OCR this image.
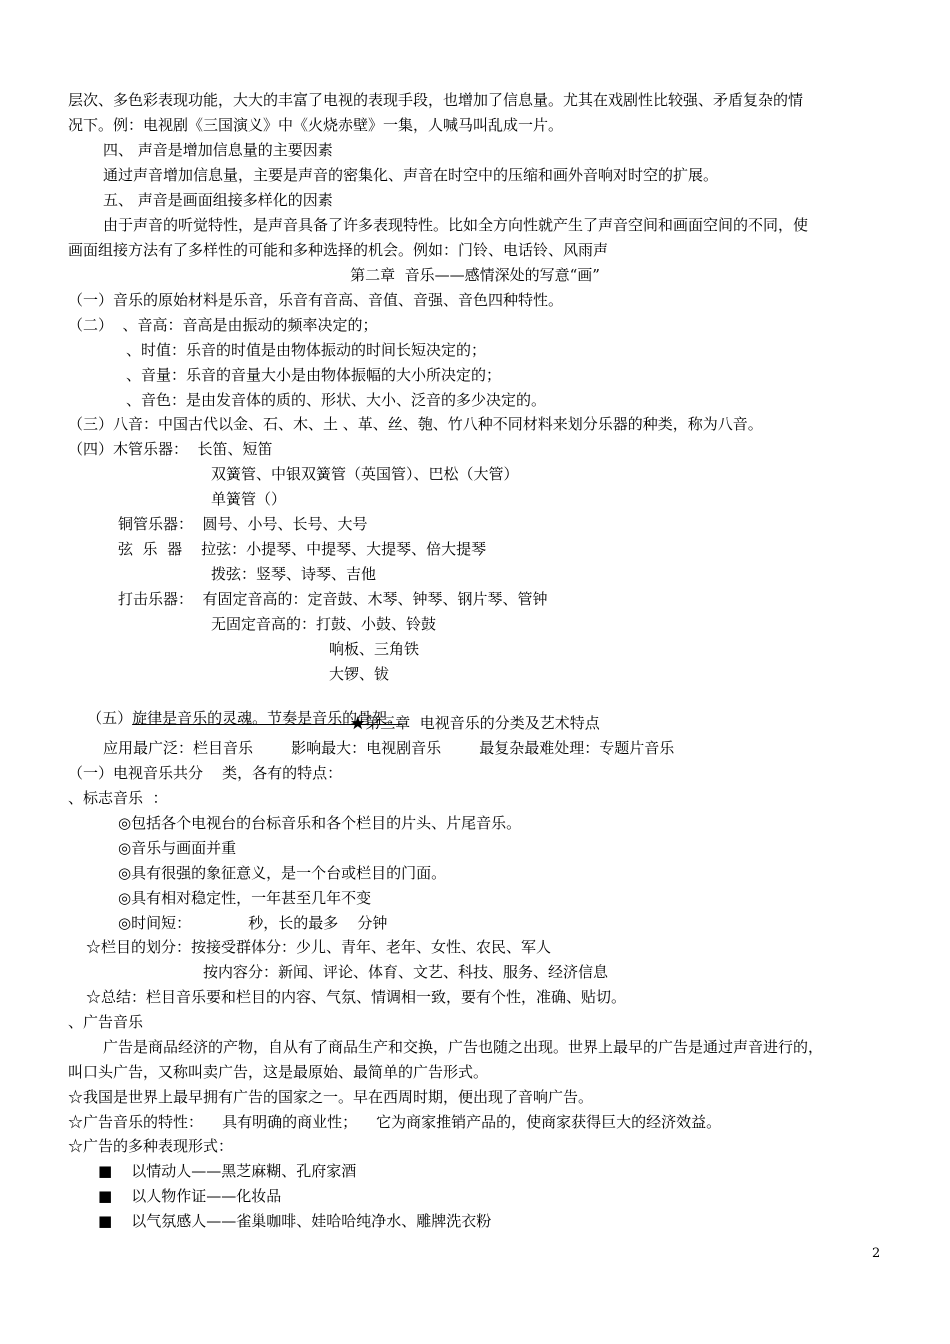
层次、多色彩表现功能，大大的丰富了电视的表现手段，也增加了信息量。尤其在戏剧性比较强、矛盾复杂的情
况下。例：电视剧《三国演义》中《火烧赤壁》一集，人喊马叫乱成一片。
四、 声音是增加信息量的主要因素
通过声音增加信息量，主要是声音的密集化、声音在时空中的压缩和画外音响对时空的扩展。
五、 声音是画面组接多样化的因素
由于声音的听觉特性，是声音具备了许多表现特性。比如全方向性就产生了声音空间和画面空间的不同，使
画面组接方法有了多样性的可能和多种选择的机会。例如：门铃、电话铃、风雨声
第二章  音乐——感情深处的写意“画”
（一）音乐的原始材料是乐音，乐音有音高、音值、音强、音色四种特性。
（二）  、音高：音高是由振动的频率决定的；
、时值：乐音的时值是由物体振动的时间长短决定的；
、音量：乐音的音量大小是由物体振幅的大小所决定的；
、音色：是由发音体的质的、形状、大小、泛音的多少决定的。
（三）八音：中国古代以金、石、木、土 、革、丝、匏、竹八种不同材料来划分乐器的种类，称为八音。
（四）木管乐器：  长笛、短笛
双簧管、中银双簧管（英国管）、巴松（大管）
单簧管（）
铜管乐器：  圆号、小号、长号、大号
弦  乐  器    拉弦：小提琴、中提琴、大提琴、倍大提琴
拨弦：竖琴、诗琴、吉他
打击乐器：  有固定音高的：定音鼓、木琴、钟琴、钢片琴、管钟
无固定音高的：打鼓、小鼓、铃鼓
响板、三角铁
大锣、钹

（五）旋律是音乐的灵魂。节奏是音乐的骨架。

★第三章  电视音乐的分类及艺术特点
应用最广泛：栏目音乐        影响最大：电视剧音乐        最复杂最难处理：专题片音乐
（一）电视音乐共分    类，各有的特点：
、标志音乐  ：
◎包括各个电视台的台标音乐和各个栏目的片头、片尾音乐。
◎音乐与画面并重
◎具有很强的象征意义，是一个台或栏目的门面。
◎具有相对稳定性，一年甚至几年不变
◎时间短：            秒，长的最多    分钟
☆栏目的划分：按接受群体分：少儿、青年、老年、女性、农民、军人
按内容分：新闻、评论、体育、文艺、科技、服务、经济信息
☆总结：栏目音乐要和栏目的内容、气氛、情调相一致，要有个性，准确、贴切。
、广告音乐
广告是商品经济的产物，自从有了商品生产和交换，广告也随之出现。世界上最早的广告是通过声音进行的，
叫口头广告，又称叫卖广告，这是最原始、最简单的广告形式。
☆我国是世界上最早拥有广告的国家之一。早在西周时期，便出现了音响广告。
☆广告音乐的特性：    具有明确的商业性；    它为商家推销产品的，使商家获得巨大的经济效益。
☆广告的多种表现形式：
■    以情动人——黑芝麻糊、孔府家酒
■    以人物作证——化妆品
■    以气氛感人——雀巢咖啡、娃哈哈纯净水、雕牌洗衣粉
2
